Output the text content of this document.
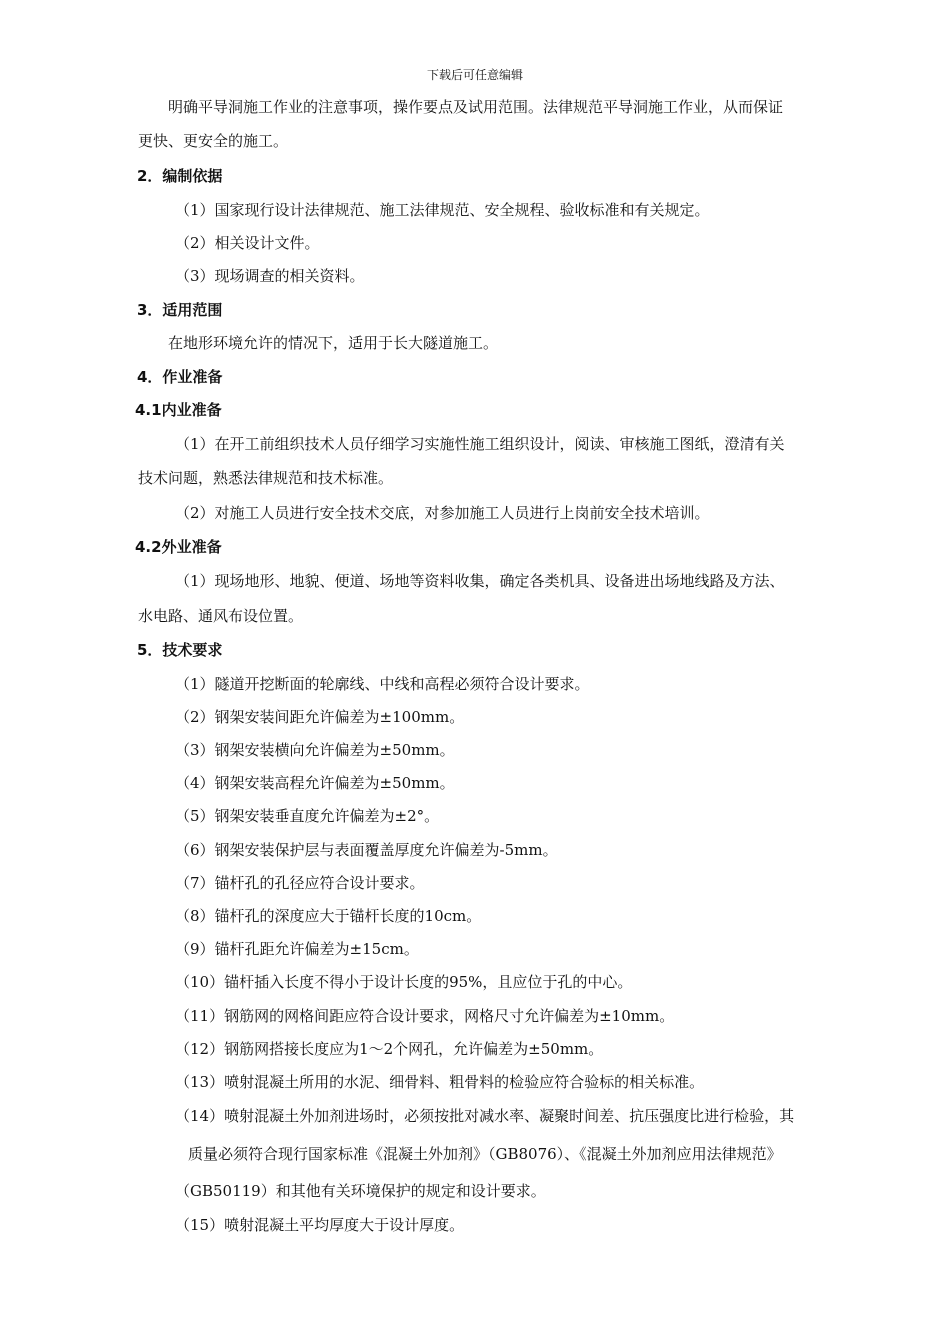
下载后可任意编辑
明确平导洞施工作业的注意事项，操作要点及试用范围。法律规范平导洞施工作业，从而保证
更快、更安全的施工。
2．编制依据
（1）国家现行设计法律规范、施工法律规范、安全规程、验收标准和有关规定。
（2）相关设计文件。
（3）现场调查的相关资料。
3．适用范围
在地形环境允许的情况下，适用于长大隧道施工。
4．作业准备
4.1内业准备
（1）在开工前组织技术人员仔细学习实施性施工组织设计，阅读、审核施工图纸，澄清有关
技术问题，熟悉法律规范和技术标准。
（2）对施工人员进行安全技术交底，对参加施工人员进行上岗前安全技术培训。
4.2外业准备
（1）现场地形、地貌、便道、场地等资料收集，确定各类机具、设备进出场地线路及方法、
水电路、通风布设位置。
5．技术要求
（1）隧道开挖断面的轮廓线、中线和高程必须符合设计要求。
（2）钢架安装间距允许偏差为±100mm。
（3）钢架安装横向允许偏差为±50mm。
（4）钢架安装高程允许偏差为±50mm。
（5）钢架安装垂直度允许偏差为±2°。
（6）钢架安装保护层与表面覆盖厚度允许偏差为-5mm。
（7）锚杆孔的孔径应符合设计要求。
（8）锚杆孔的深度应大于锚杆长度的10cm。
（9）锚杆孔距允许偏差为±15cm。
（10）锚杆插入长度不得小于设计长度的95%，且应位于孔的中心。
（11）钢筋网的网格间距应符合设计要求，网格尺寸允许偏差为±10mm。
（12）钢筋网搭接长度应为1～2个网孔，允许偏差为±50mm。
（13）喷射混凝土所用的水泥、细骨料、粗骨料的检验应符合验标的相关标准。
（14）喷射混凝土外加剂进场时，必须按批对减水率、凝聚时间差、抗压强度比进行检验，其
质量必须符合现行国家标准《混凝土外加剂》（GB8076）、《混凝土外加剂应用法律规范》
（GB50119）和其他有关环境保护的规定和设计要求。
（15）喷射混凝土平均厚度大于设计厚度。
